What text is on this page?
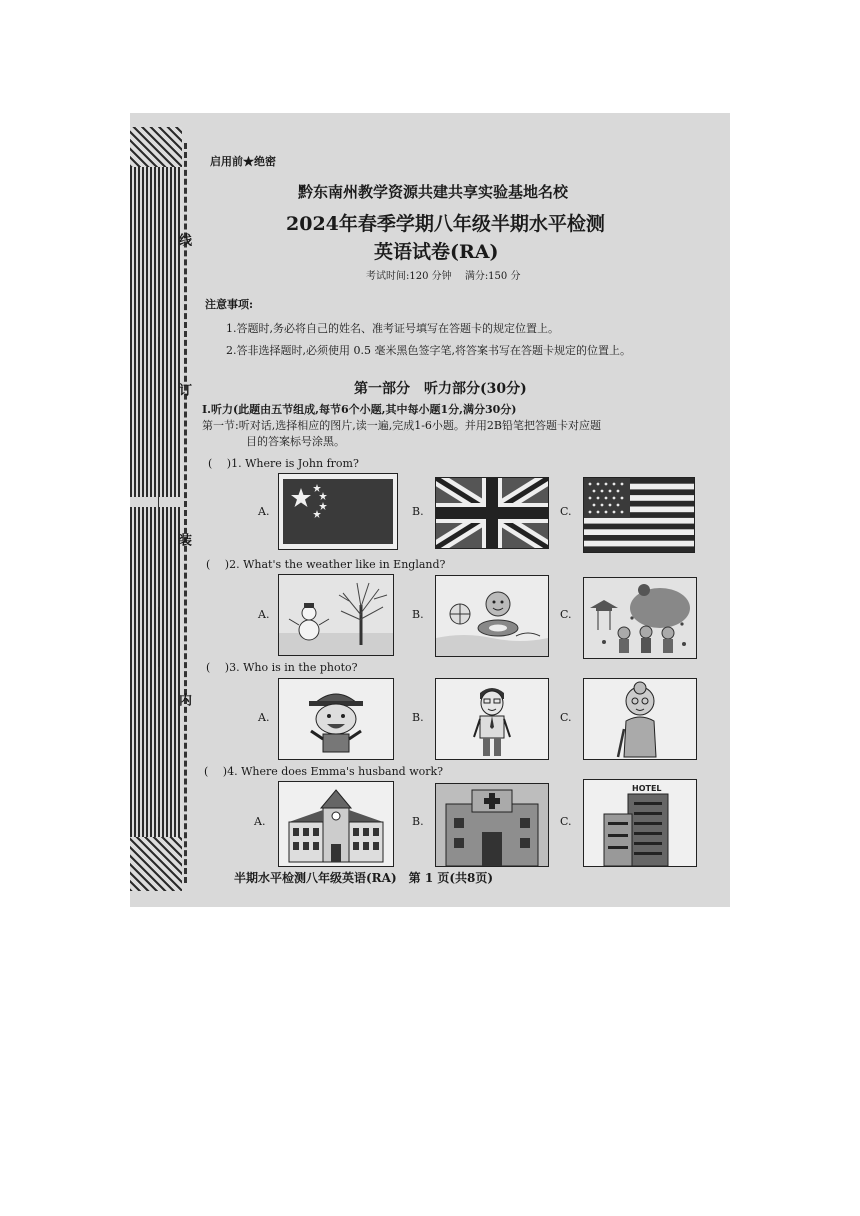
线
订
装
内
启用前★绝密
黔东南州教学资源共建共享实验基地名校
2024年春季学期八年级半期水平检测
英语试卷(RA)
考试时间:120 分钟　 满分:150 分
注意事项:
1.答题时,务必将自己的姓名、准考证号填写在答题卡的规定位置上。
2.答非选择题时,必须使用 0.5 毫米黑色签字笔,将答案书写在答题卡规定的位置上。
第一部分　听力部分(30分)
I.听力(此题由五节组成,每节6个小题,其中每小题1分,满分30分)
第一节:听对话,选择相应的图片,读一遍,完成1-6小题。并用2B铅笔把答题卡对应题
目的答案标号涂黑。
(　 )1. Where is John from?
A.	B.	C.
(　 )2. What's the weather like in England?
A.	B.	C.
(　 )3. Who is in the photo?
A.	B.	C.
(　 )4. Where does Emma's husband work?
A.	B.	C.
HOTEL
半期水平检测八年级英语(RA)　第 1 页(共8页)
